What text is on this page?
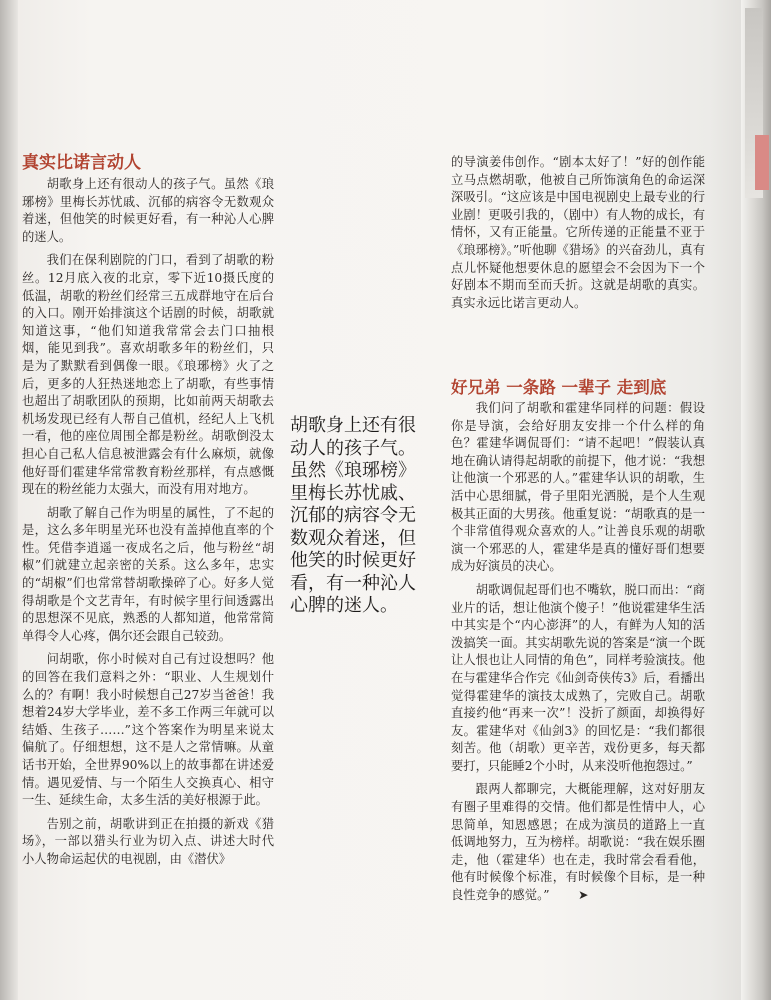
真实比诺言动人

胡歌身上还有很动人的孩子气。虽然《琅琊榜》里梅长苏忧戚、沉郁的病容令无数观众着迷，但他笑的时候更好看，有一种沁人心脾的迷人。

我们在保利剧院的门口，看到了胡歌的粉丝。12月底入夜的北京，零下近10摄氏度的低温，胡歌的粉丝们经常三五成群地守在后台的入口。刚开始排演这个话剧的时候，胡歌就知道这事，“他们知道我常常会去门口抽根烟，能见到我”。喜欢胡歌多年的粉丝们，只是为了默默看到偶像一眼。《琅琊榜》火了之后，更多的人狂热迷地恋上了胡歌，有些事情也超出了胡歌团队的预期，比如前两天胡歌去机场发现已经有人帮自己值机，经纪人上飞机一看，他的座位周围全都是粉丝。胡歌倒没太担心自己私人信息被泄露会有什么麻烦，就像他好哥们霍建华常常教育粉丝那样，有点感慨现在的粉丝能力太强大，而没有用对地方。

胡歌了解自己作为明星的属性，了不起的是，这么多年明星光环也没有盖掉他直率的个性。凭借李逍遥一夜成名之后，他与粉丝“胡椒”们就建立起亲密的关系。这么多年，忠实的“胡椒”们也常常替胡歌操碎了心。好多人觉得胡歌是个文艺青年，有时候字里行间透露出的思想深不见底，熟悉的人都知道，他常常简单得令人心疼，偶尔还会跟自己较劲。

问胡歌，你小时候对自己有过设想吗？他的回答在我们意料之外：“职业、人生规划什么的？有啊！我小时候想自己27岁当爸爸！我想着24岁大学毕业，差不多工作两三年就可以结婚、生孩子……”这个答案作为明星来说太偏航了。仔细想想，这不是人之常情嘛。从童话书开始，全世界90%以上的故事都在讲述爱情。遇见爱情、与一个陌生人交换真心、相守一生、延续生命，太多生活的美好根源于此。

告别之前，胡歌讲到正在拍摄的新戏《猎场》，一部以猎头行业为切入点、讲述大时代小人物命运起伏的电视剧，由《潜伏》

胡歌身上还有很动人的孩子气。虽然《琅琊榜》里梅长苏忧戚、沉郁的病容令无数观众着迷，但他笑的时候更好看，有一种沁人心脾的迷人。

的导演姜伟创作。“剧本太好了！”好的创作能立马点燃胡歌，他被自己所饰演角色的命运深深吸引。“这应该是中国电视剧史上最专业的行业剧！更吸引我的，（剧中）有人物的成长，有情怀，又有正能量。它所传递的正能量不亚于《琅琊榜》。”听他聊《猎场》的兴奋劲儿，真有点儿怀疑他想要休息的愿望会不会因为下一个好剧本不期而至而夭折。这就是胡歌的真实。真实永远比诺言更动人。

好兄弟 一条路 一辈子 走到底

我们问了胡歌和霍建华同样的问题：假设你是导演，会给好朋友安排一个什么样的角色？霍建华调侃哥们：“请不起吧！”假装认真地在确认请得起胡歌的前提下，他才说：“我想让他演一个邪恶的人。”霍建华认识的胡歌，生活中心思细腻，骨子里阳光洒脱，是个人生观极其正面的大男孩。他重复说：“胡歌真的是一个非常值得观众喜欢的人。”让善良乐观的胡歌演一个邪恶的人，霍建华是真的懂好哥们想要成为好演员的决心。

胡歌调侃起哥们也不嘴软，脱口而出：“商业片的话，想让他演个傻子！”他说霍建华生活中其实是个“内心澎湃”的人，有鲜为人知的活泼搞笑一面。其实胡歌先说的答案是“演一个既让人恨也让人同情的角色”，同样考验演技。他在与霍建华合作完《仙剑奇侠传3》后，看播出觉得霍建华的演技太成熟了，完败自己。胡歌直接约他“再来一次”！没折了颜面，却换得好友。霍建华对《仙剑3》的回忆是：“我们都很刻苦。他（胡歌）更辛苦，戏份更多，每天都要打，只能睡2个小时，从来没听他抱怨过。”

跟两人都聊完，大概能理解，这对好朋友有圈子里难得的交情。他们都是性情中人，心思简单，知恩感恩；在成为演员的道路上一直低调地努力，互为榜样。胡歌说：“我在娱乐圈走，他（霍建华）也在走，我时常会看看他，他有时候像个标准，有时候像个目标，是一种良性竞争的感觉。” ➤
